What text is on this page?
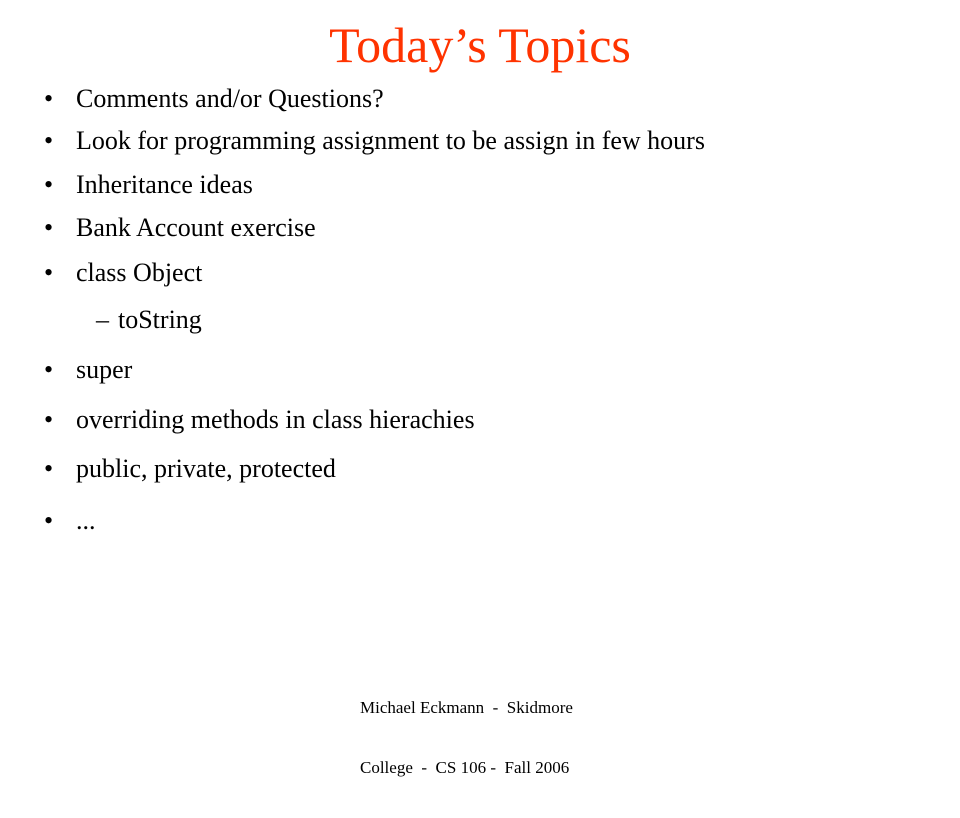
Today’s Topics
• Comments and/or Questions?
• Look for programming assignment to be assign in few hours
• Inheritance ideas
• Bank Account exercise
• class Object
– toString
• super
• overriding methods in class hierachies
• public, private, protected
• ...

Michael Eckmann  -  Skidmore

College  -  CS 106 -  Fall 2006
